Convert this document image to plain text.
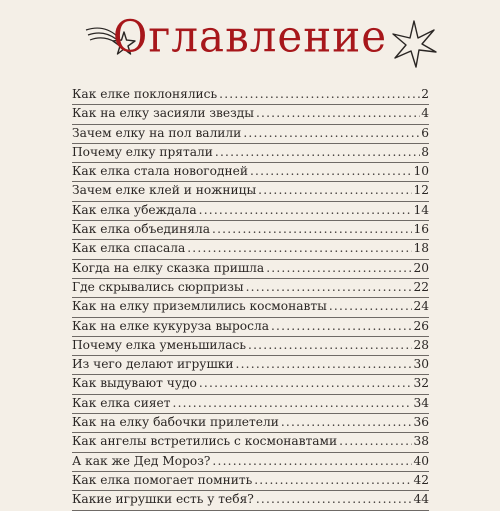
Оглавление
Как елке поклонялись .....	2
Как на елку засияли звезды .....	4
Зачем елку на пол валили .....	6
Почему елку прятали .....	8
Как елка стала новогодней .....	10
Зачем елке клей и ножницы .....	12
Как елка убеждала .....	14
Как елка объединяла .....	16
Как елка спасала .....	18
Когда на елку сказка пришла .....	20
Где скрывались сюрпризы .....	22
Как на елку приземлились космонавты .....	24
Как на елке кукуруза выросла .....	26
Почему елка уменьшилась .....	28
Из чего делают игрушки .....	30
Как выдувают чудо .....	32
Как елка сияет .....	34
Как на елку бабочки прилетели .....	36
Как ангелы встретились с космонавтами .....	38
А как же Дед Мороз? .....	40
Как елка помогает помнить .....	42
Какие игрушки есть у тебя? .....	44
